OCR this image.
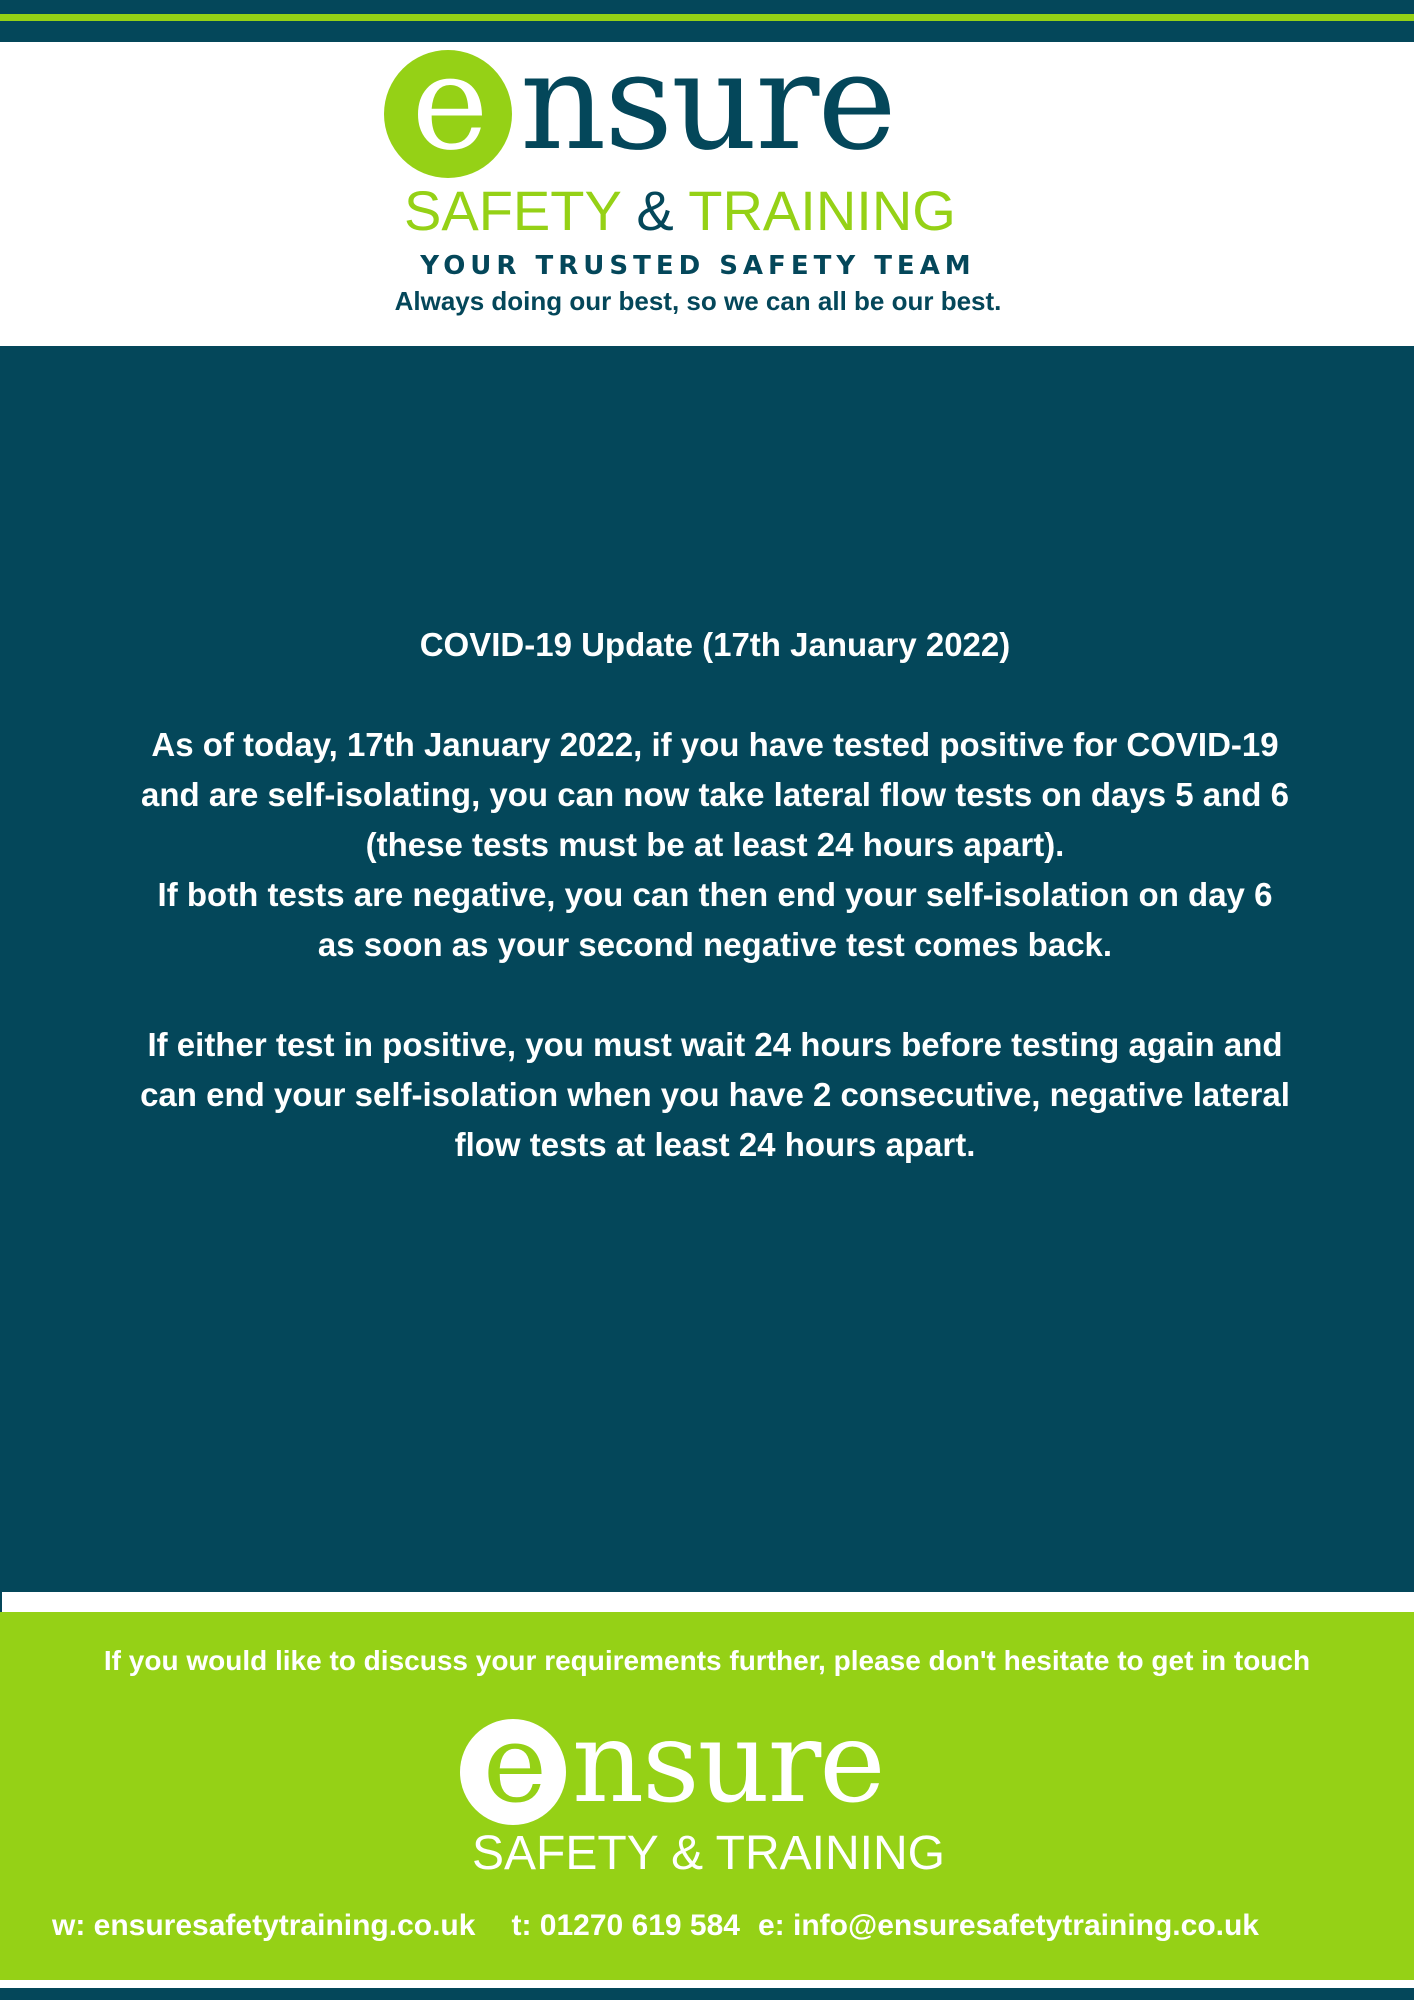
e nsure
SAFETY & TRAINING
YOUR TRUSTED SAFETY TEAM
Always doing our best, so we can all be our best.

COVID-19 Update (17th January 2022)

As of today, 17th January 2022, if you have tested positive for COVID-19 and are self-isolating, you can now take lateral flow tests on days 5 and 6 (these tests must be at least 24 hours apart).

If both tests are negative, you can then end your self-isolation on day 6 as soon as your second negative test comes back.

If either test in positive, you must wait 24 hours before testing again and can end your self-isolation when you have 2 consecutive, negative lateral flow tests at least 24 hours apart.

If you would like to discuss your requirements further, please don't hesitate to get in touch
e nsure
SAFETY & TRAINING
w: ensuresafetytraining.co.uk t: 01270 619 584 e: info@ensuresafetytraining.co.uk
